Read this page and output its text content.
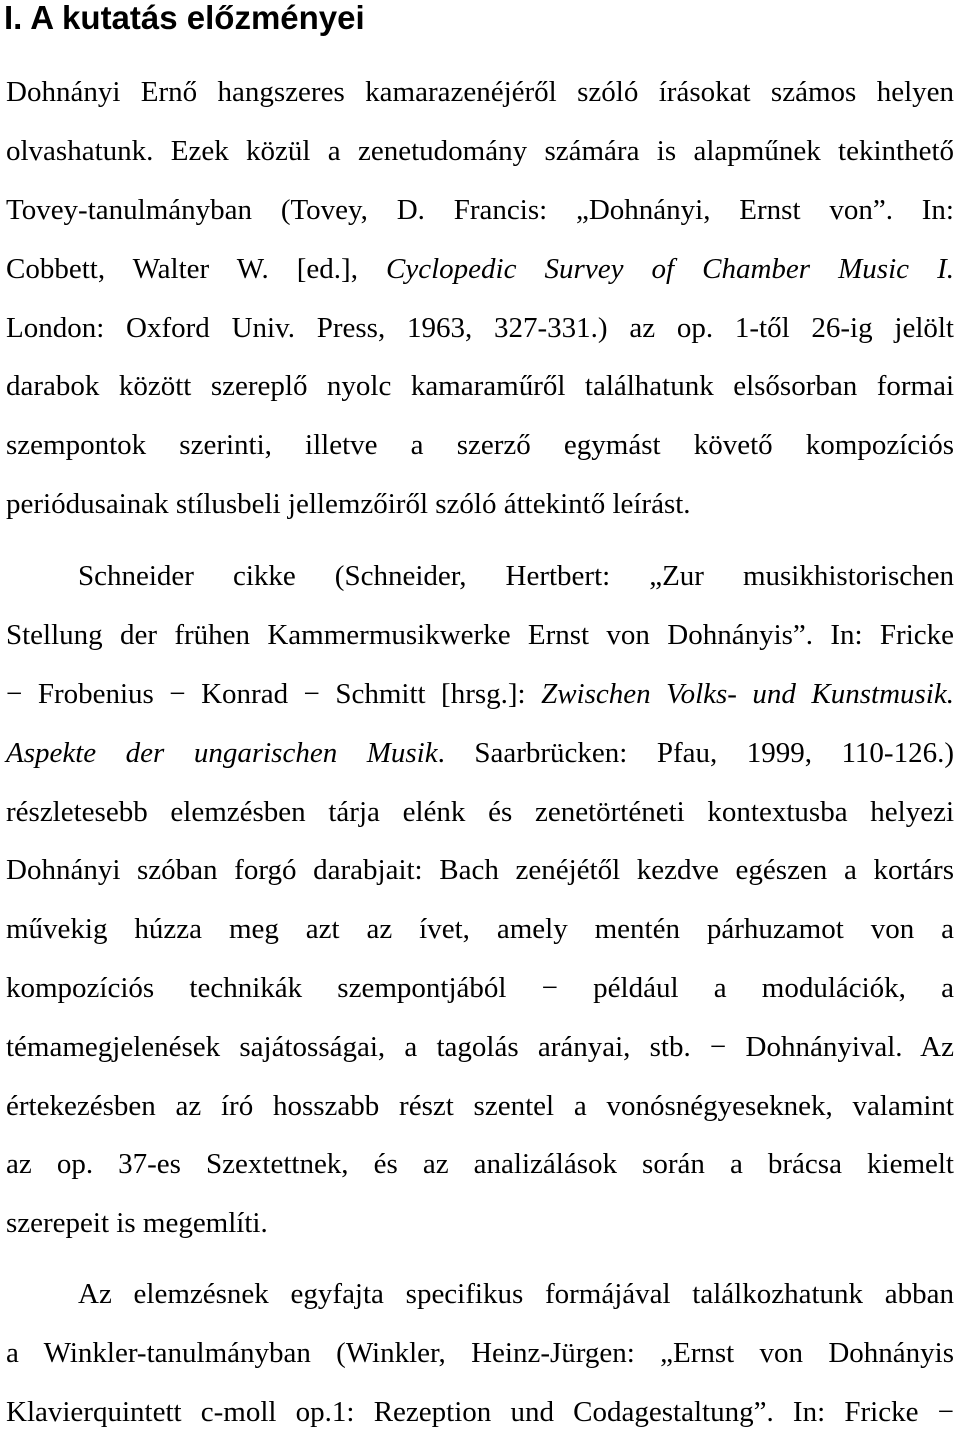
I. A kutatás előzményei
Dohnányi Ernő hangszeres kamarazenéjéről szóló írásokat számos helyen
olvashatunk. Ezek közül a zenetudomány számára is alapműnek tekinthető
Tovey-tanulmányban (Tovey, D. Francis: „Dohnányi, Ernst von”. In:
Cobbett, Walter W. [ed.], Cyclopedic Survey of Chamber Music I.
London: Oxford Univ. Press, 1963, 327-331.) az op. 1-től 26-ig jelölt
darabok között szereplő nyolc kamaraműről találhatunk elsősorban formai
szempontok szerinti, illetve a szerző egymást követő kompozíciós
periódusainak stílusbeli jellemzőiről szóló áttekintő leírást.
Schneider cikke (Schneider, Hertbert: „Zur musikhistorischen
Stellung der frühen Kammermusikwerke Ernst von Dohnányis”. In: Fricke
− Frobenius − Konrad − Schmitt [hrsg.]: Zwischen Volks- und Kunstmusik.
Aspekte der ungarischen Musik. Saarbrücken: Pfau, 1999, 110-126.)
részletesebb elemzésben tárja elénk és zenetörténeti kontextusba helyezi
Dohnányi szóban forgó darabjait: Bach zenéjétől kezdve egészen a kortárs
művekig húzza meg azt az ívet, amely mentén párhuzamot von a
kompozíciós technikák szempontjából − például a modulációk, a
témamegjelenések sajátosságai, a tagolás arányai, stb. − Dohnányival. Az
értekezésben az író hosszabb részt szentel a vonósnégyeseknek, valamint
az op. 37-es Szextettnek, és az analizálások során a brácsa kiemelt
szerepeit is megemlíti.
Az elemzésnek egyfajta specifikus formájával találkozhatunk abban
a Winkler-tanulmányban (Winkler, Heinz-Jürgen: „Ernst von Dohnányis
Klavierquintett c-moll op.1: Rezeption und Codagestaltung”. In: Fricke −
